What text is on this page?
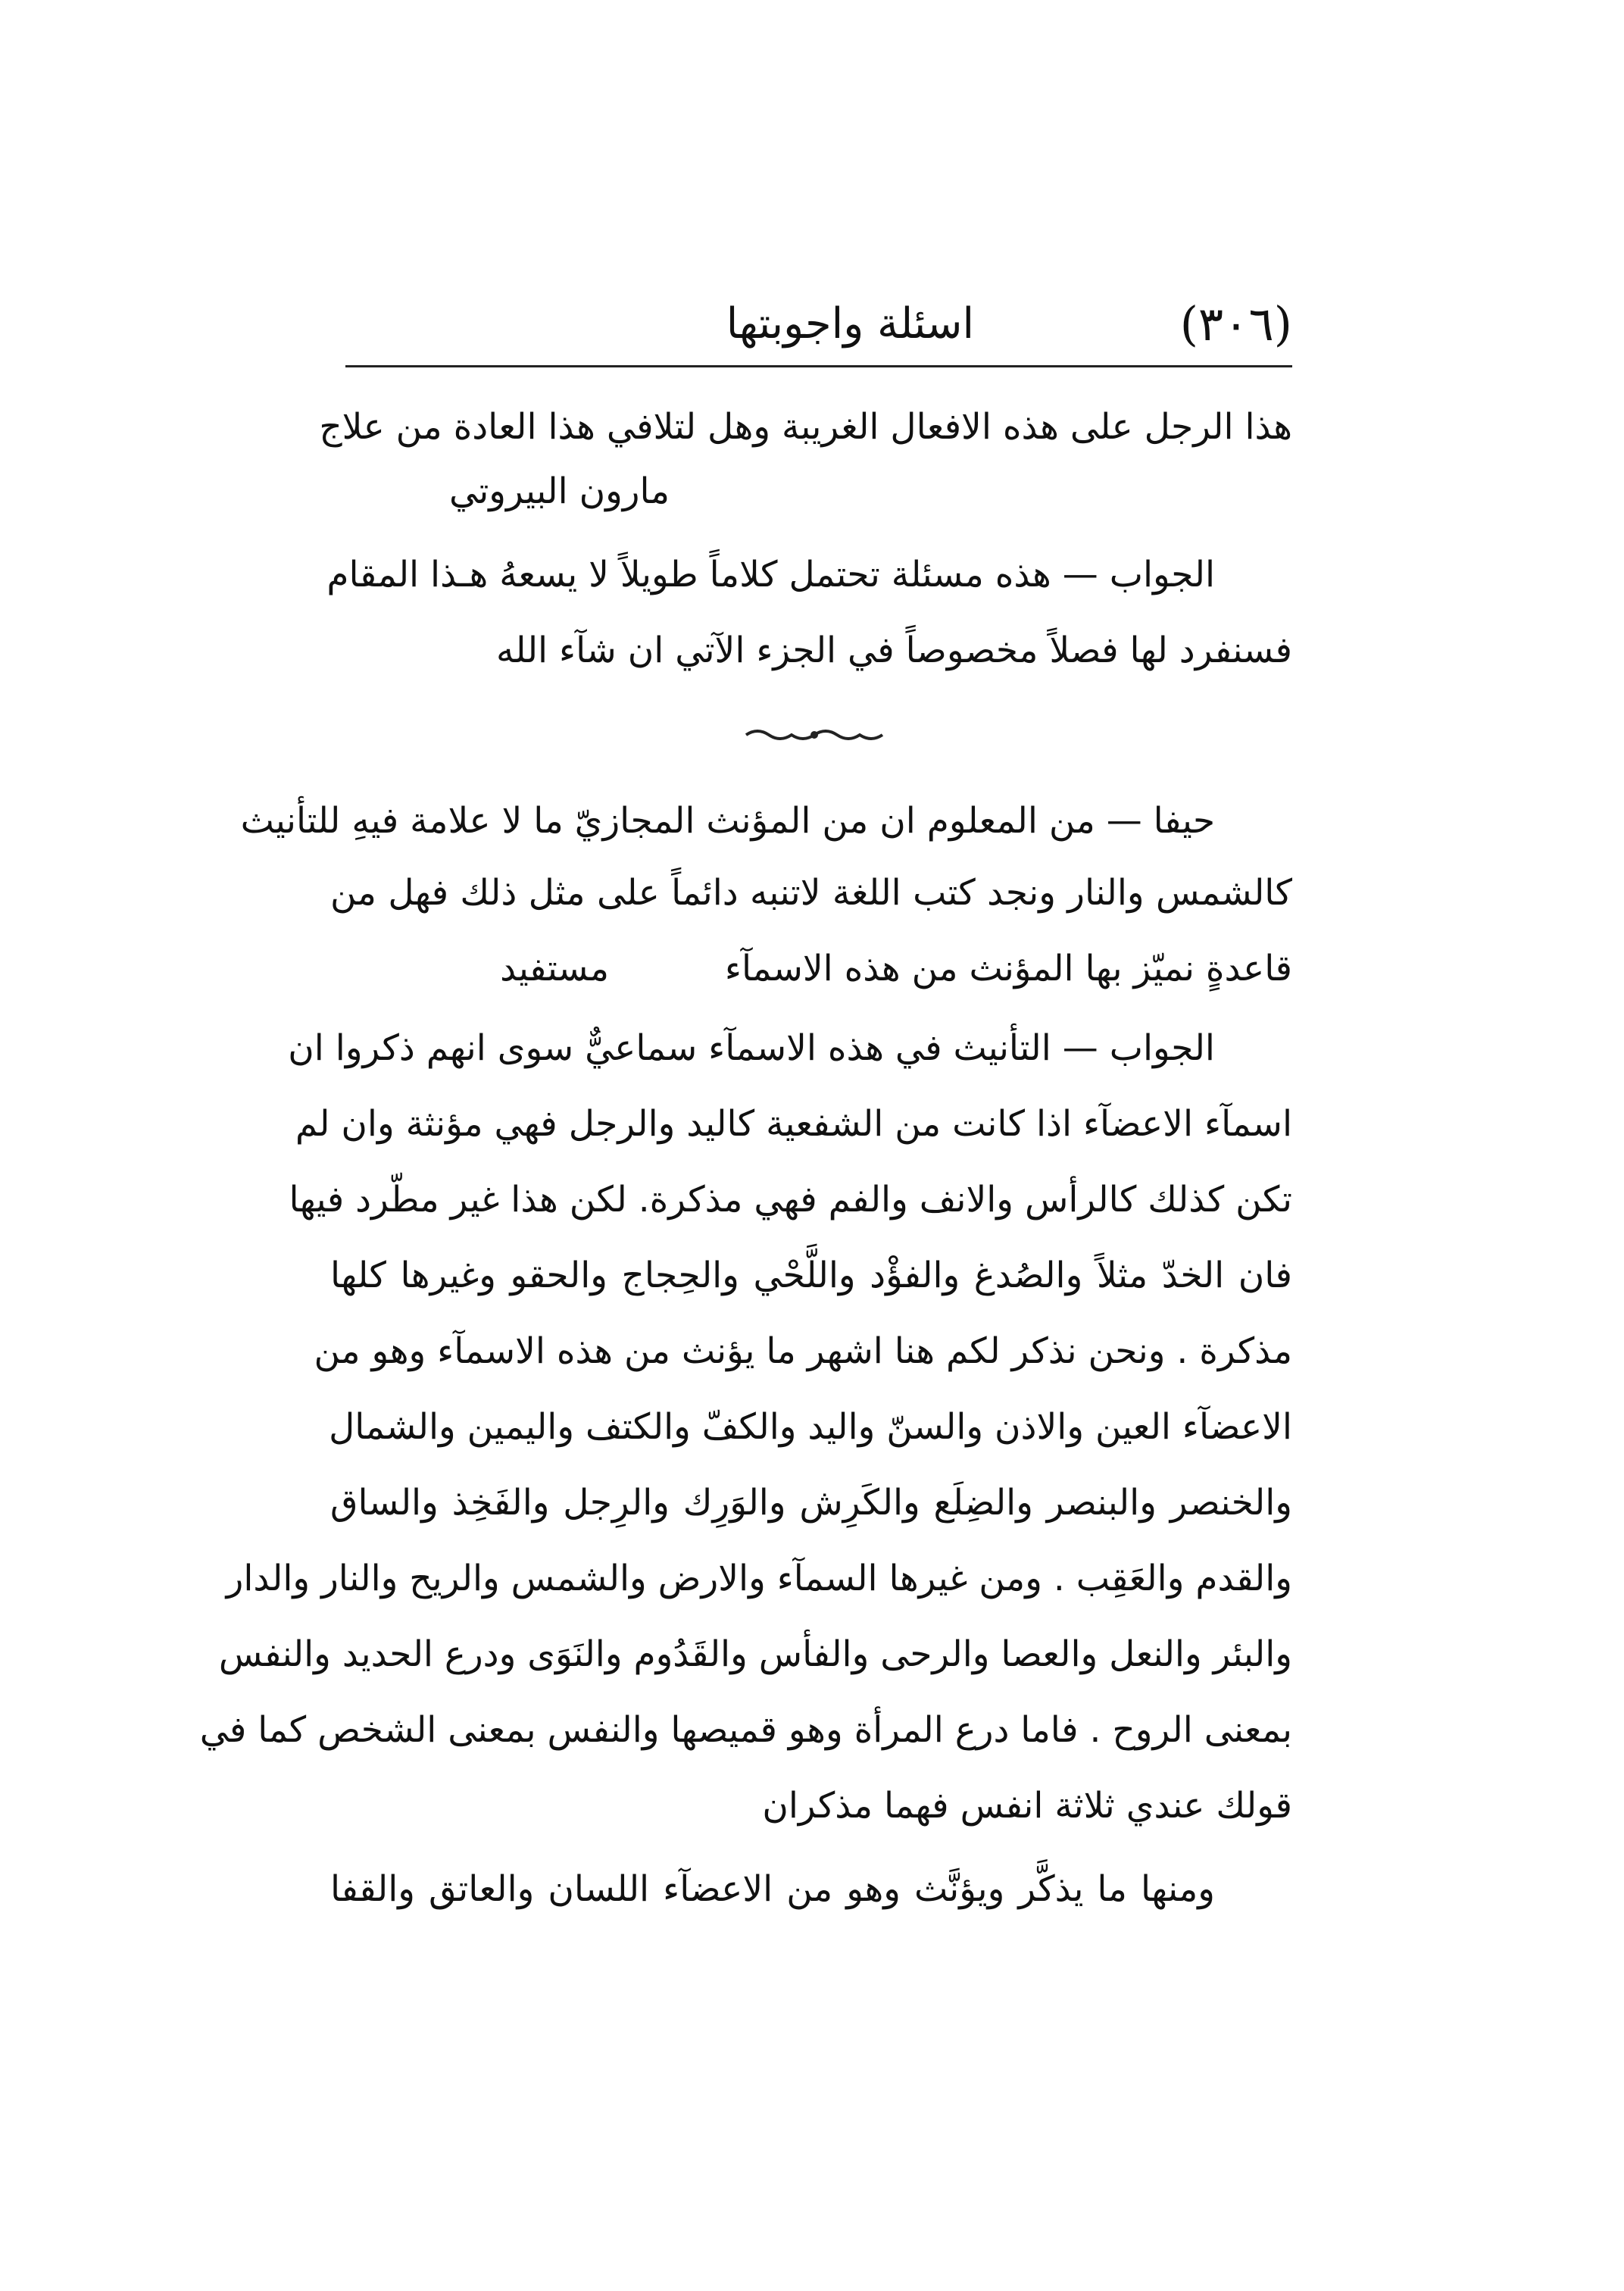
(٣٠٦)
اسئلة واجوبتها
هذا الرجل على هذه الافعال الغريبة وهل لتلافي هذا العادة من علاج
مارون البيروتي
الجواب — هذه مسئلة تحتمل كلاماً طويلاً لا يسعهُ هـذا المقام
فسنفرد لها فصلاً مخصوصاً في الجزء الآتي ان شآء الله
حيفا — من المعلوم ان من المؤنث المجازيّ ما لا علامة فيهِ للتأنيث
كالشمس والنار ونجد كتب اللغة لاتنبه دائماً على مثل ذلك فهل من
قاعدةٍ نميّز بها المؤنث من هذه الاسمآء
مستفيد
الجواب — التأنيث في هذه الاسمآء سماعيٌّ سوى انهم ذكروا ان
اسمآء الاعضآء اذا كانت من الشفعية كاليد والرجل فهي مؤنثة وان لم
تكن كذلك كالرأس والانف والفم فهي مذكرة. لكن هذا غير مطّرد فيها
فان الخدّ مثلاً والصُدغ والفؤْد واللَّحْي والحِجاج والحقو وغيرها كلها
مذكرة . ونحن نذكر لكم هنا اشهر ما يؤنث من هذه الاسمآء وهو من
الاعضآء العين والاذن والسنّ واليد والكفّ والكتف واليمين والشمال
والخنصر والبنصر والضِلَع والكَرِش والوَرِك والرِجل والفَخِذ والساق
والقدم والعَقِب . ومن غيرها السمآء والارض والشمس والريح والنار والدار
والبئر والنعل والعصا والرحى والفأس والقَدُوم والنَوَى ودرع الحديد والنفس
بمعنى الروح . فاما درع المرأة وهو قميصها والنفس بمعنى الشخص كما في
قولك عندي ثلاثة انفس فهما مذكران
ومنها ما يذكَّر ويؤنَّث وهو من الاعضآء اللسان والعاتق والقفا
